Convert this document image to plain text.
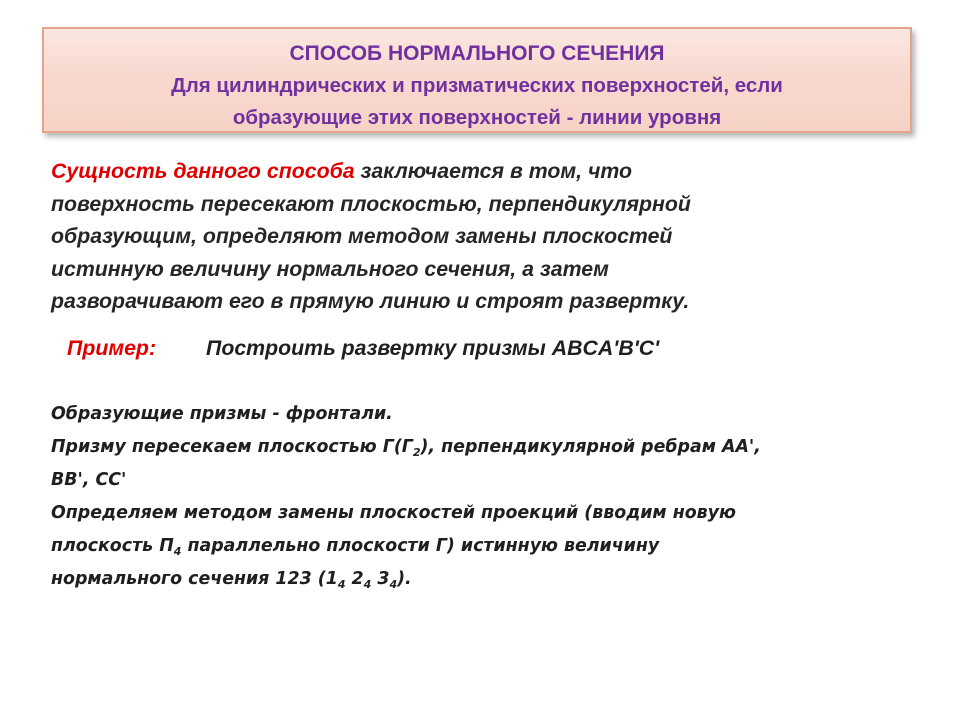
СПОСОБ НОРМАЛЬНОГО СЕЧЕНИЯ
Для цилиндрических и призматических поверхностей, если
образующие этих поверхностей - линии уровня
Сущность данного способа заключается в том, что
поверхность пересекают плоскостью, перпендикулярной
образующим, определяют методом замены плоскостей
истинную величину нормального сечения, а затем
разворачивают его в прямую линию и строят развертку.
Пример: Построить развертку призмы ABCA'B'C'
Образующие призмы - фронтали.
Призму пересекаем плоскостью $Г(Г_2)$, перпендикулярной ребрам АА',
ВВ', СС'
Определяем методом замены плоскостей проекций (вводим новую
плоскость $П_4$ параллельно плоскости Г) истинную величину
нормального сечения 123 ($1_4$ $2_4$ $3_4$).
